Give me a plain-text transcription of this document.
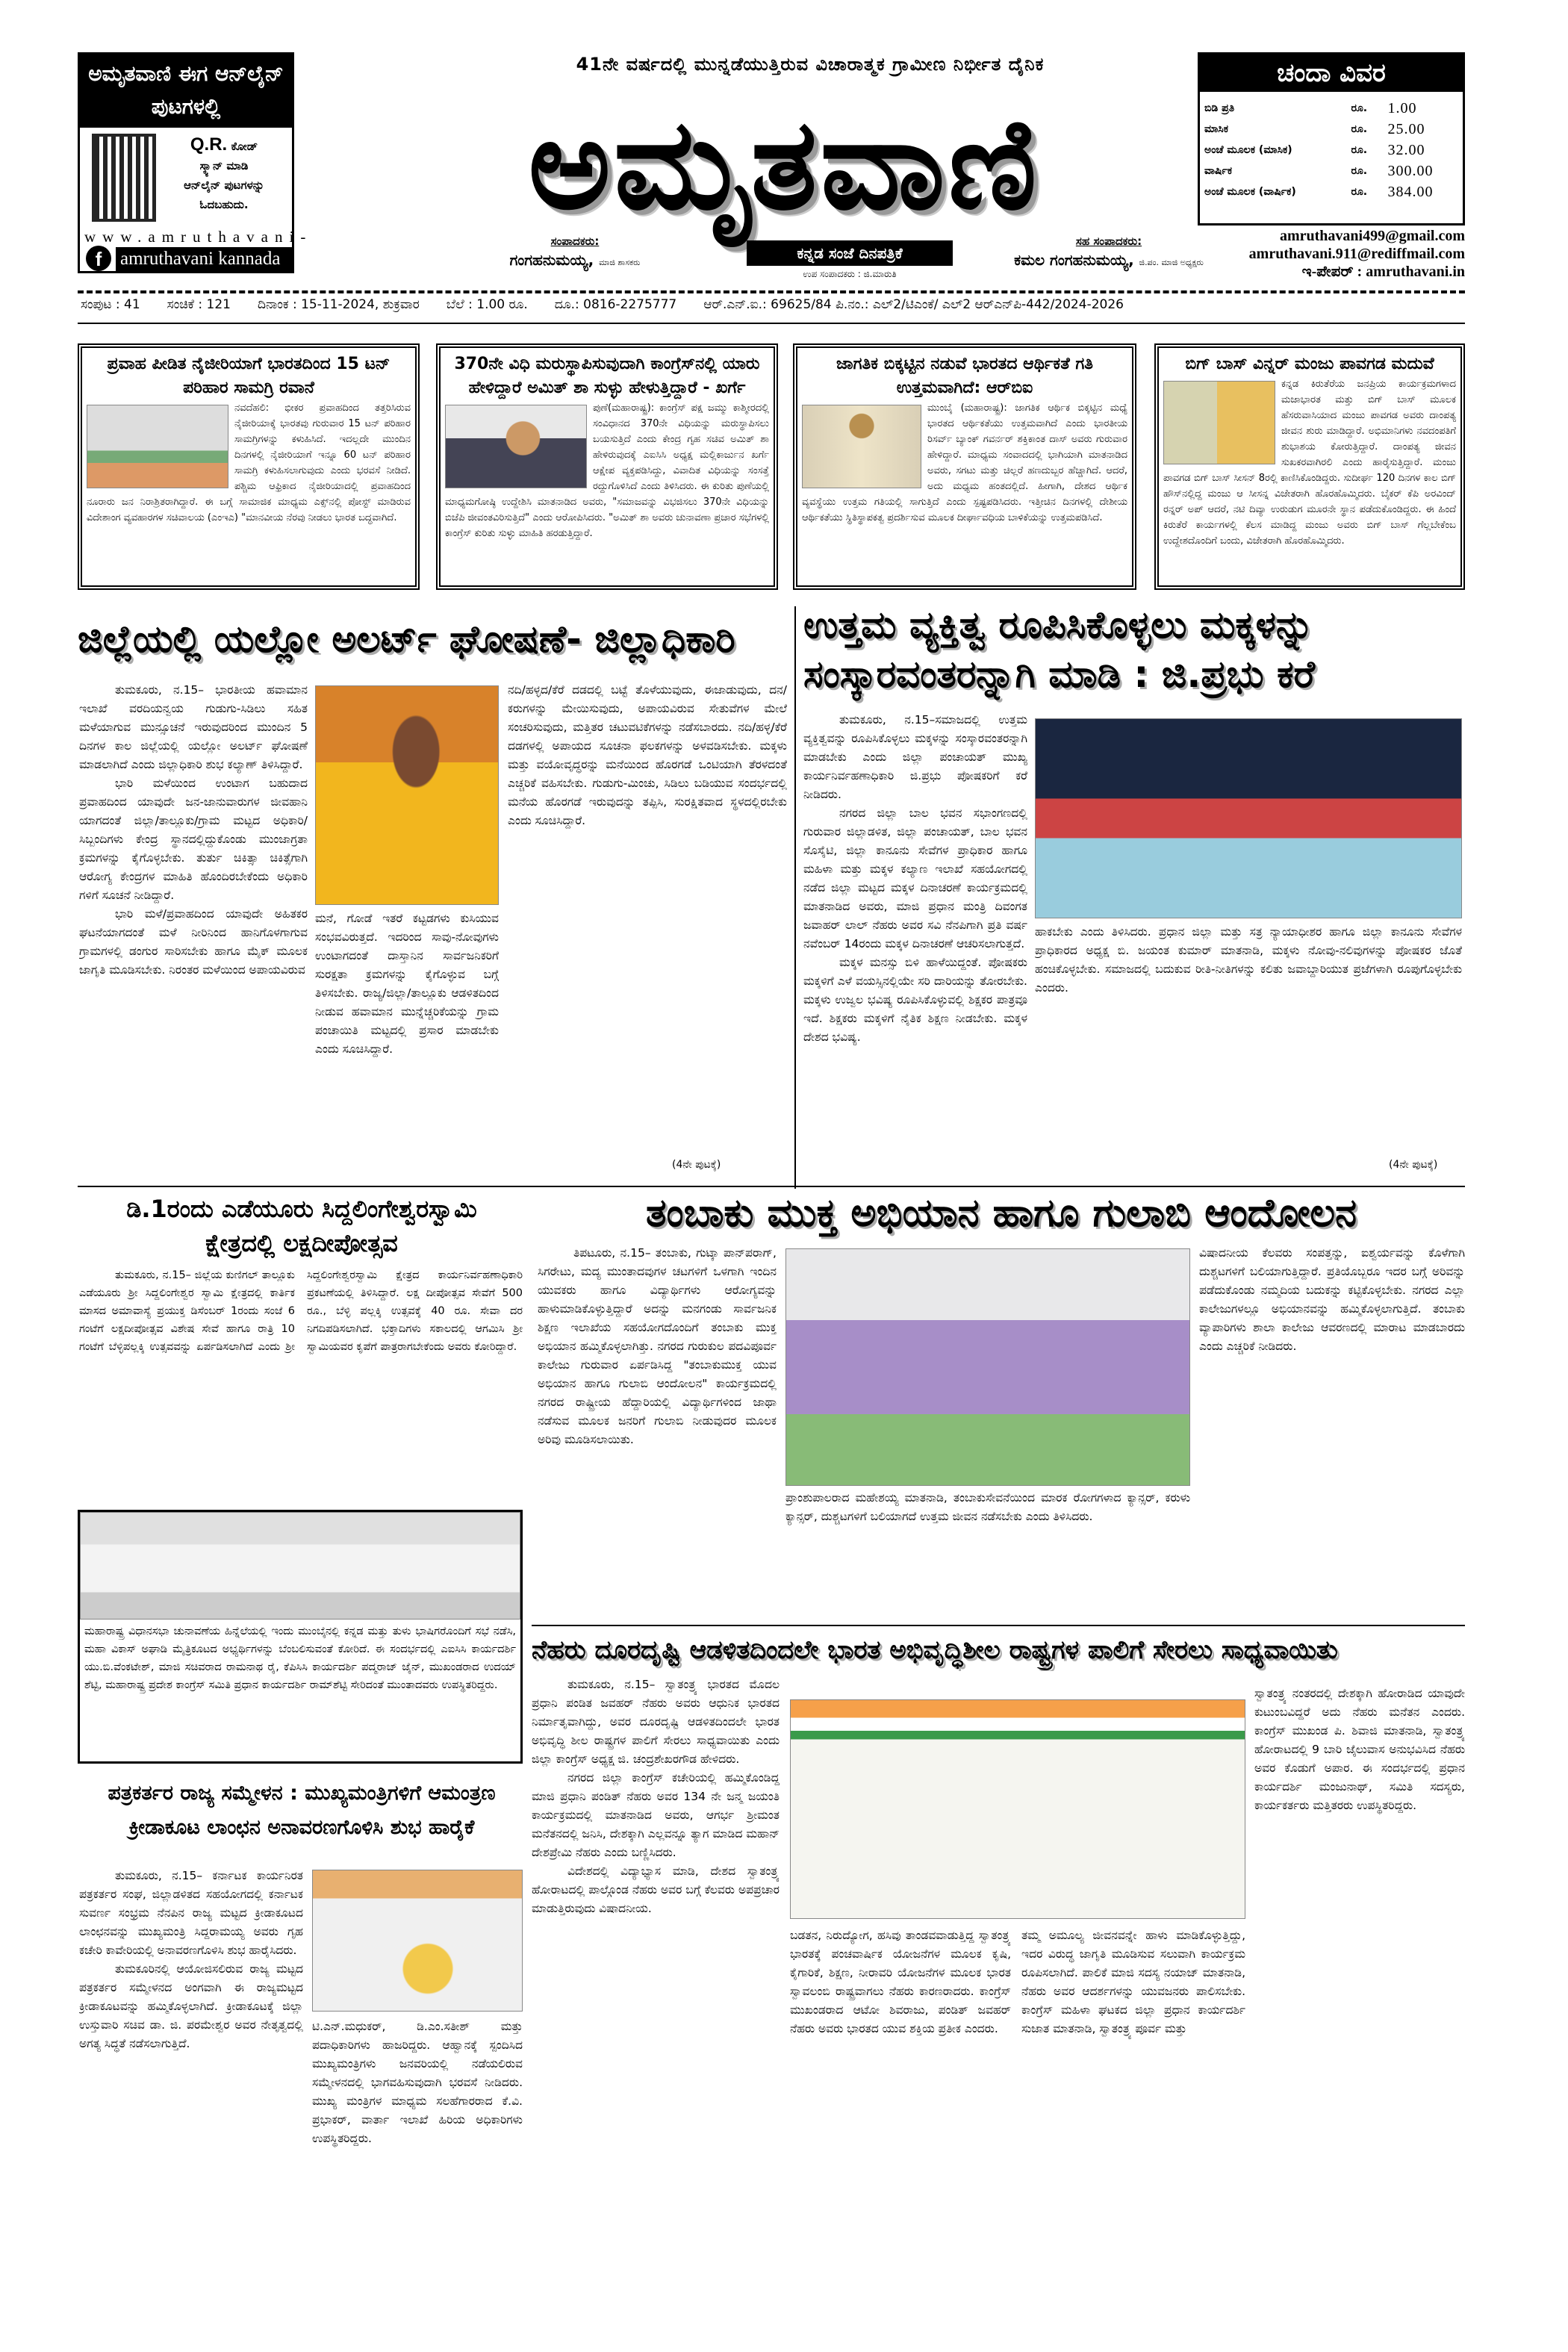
ಅಮೃತವಾಣಿ ಈಗ ಆನ್‌ಲೈನ್ ಪುಟಗಳಲ್ಲಿ
Q.R. ಕೋಡ್
ಸ್ಕ್ಯಾನ್ ಮಾಡಿ
ಆನ್‌ಲೈನ್ ಪುಟಗಳನ್ನು
ಓದಬಹುದು.
www.amruthavani-
f amruthavani kannada
41ನೇ ವರ್ಷದಲ್ಲಿ ಮುನ್ನಡೆಯುತ್ತಿರುವ ವಿಚಾರಾತ್ಮಕ ಗ್ರಾಮೀಣ ನಿರ್ಭೀತ ದೈನಿಕ
ಅಮೃತವಾಣಿ
ಸಂಪಾದಕರು:
ಗಂಗಹನುಮಯ್ಯ, ಮಾಜಿ ಶಾಸಕರು
ಕನ್ನಡ ಸಂಜೆ ದಿನಪತ್ರಿಕೆ
ಉಪ ಸಂಪಾದಕರು : ಜಿ.ಮಾರುತಿ
ಸಹ ಸಂಪಾದಕರು:
ಕಮಲ ಗಂಗಹನುಮಯ್ಯ, ಜಿ.ಪಂ. ಮಾಜಿ ಅಧ್ಯಕ್ಷರು
ಚಂದಾ ವಿವರ
ಬಿಡಿ ಪ್ರತಿ	ರೂ.	1.00
ಮಾಸಿಕ	ರೂ.	25.00
ಅಂಚೆ ಮೂಲಕ (ಮಾಸಿಕ)	ರೂ.	32.00
ವಾರ್ಷಿಕ	ರೂ.	300.00
ಅಂಚೆ ಮೂಲಕ (ವಾರ್ಷಿಕ)	ರೂ.	384.00
amruthavani499@gmail.com
amruthavani.911@rediffmail.com
ಇ-ಪೇಪರ್ : amruthavani.in
ಸಂಪುಟ : 41 ಸಂಚಿಕೆ : 121 ದಿನಾಂಕ : 15-11-2024, ಶುಕ್ರವಾರ ಬೆಲೆ : 1.00 ರೂ. ದೂ.: 0816-2275777 ಆರ್.ಎನ್.ಐ.: 69625/84 ಪಿ.ನಂ.: ಎಲ್2/ಟಿಎಂಕೆ/ ಎಲ್2 ಆರ್‌ಎನ್‌ಪಿ-442/2024-2026
ಪ್ರವಾಹ ಪೀಡಿತ ನೈಜೀರಿಯಾಗೆ ಭಾರತದಿಂದ 15 ಟನ್ ಪರಿಹಾರ ಸಾಮಗ್ರಿ ರವಾನೆ

ನವದೆಹಲಿ: ಭೀಕರ ಪ್ರವಾಹದಿಂದ ತತ್ತರಿಸಿರುವ ನೈಜೀರಿಯಾಕ್ಕೆ ಭಾರತವು ಗುರುವಾರ 15 ಟನ್ ಪರಿಹಾರ ಸಾಮಗ್ರಿಗಳನ್ನು ಕಳುಹಿಸಿದೆ. ಇದಲ್ಲದೇ ಮುಂದಿನ ದಿನಗಳಲ್ಲಿ ನೈಜೀರಿಯಾಗೆ ಇನ್ನೂ 60 ಟನ್ ಪರಿಹಾರ ಸಾಮಗ್ರಿ ಕಳುಹಿಸಲಾಗುವುದು ಎಂದು ಭರವಸೆ ನೀಡಿದೆ. ಪಶ್ಚಿಮ ಆಫ್ರಿಕಾದ ನೈಜೀರಿಯಾದಲ್ಲಿ ಪ್ರವಾಹದಿಂದ ನೂರಾರು ಜನ ನಿರಾಶ್ರಿತರಾಗಿದ್ದಾರೆ. ಈ ಬಗ್ಗೆ ಸಾಮಾಜಿಕ ಮಾಧ್ಯಮ ಎಕ್ಸ್‌ನಲ್ಲಿ ಪೋಸ್ಟ್ ಮಾಡಿರುವ ವಿದೇಶಾಂಗ ವ್ಯವಹಾರಗಳ ಸಚಿವಾಲಯ (ಎಂಇಎ) "ಮಾನವೀಯ ನೆರವು ನೀಡಲು ಭಾರತ ಬದ್ಧವಾಗಿದೆ.

370ನೇ ವಿಧಿ ಮರುಸ್ಥಾಪಿಸುವುದಾಗಿ ಕಾಂಗ್ರೆಸ್‌ನಲ್ಲಿ ಯಾರು ಹೇಳಿದ್ದಾರೆ ಅಮಿತ್ ಶಾ ಸುಳ್ಳು ಹೇಳುತ್ತಿದ್ದಾರೆ - ಖರ್ಗೆ

ಪುಣೆ(ಮಹಾರಾಷ್ಟ್ರ): ಕಾಂಗ್ರೆಸ್ ಪಕ್ಷ ಜಮ್ಮು ಕಾಶ್ಮೀರದಲ್ಲಿ ಸಂವಿಧಾನದ 370ನೇ ವಿಧಿಯನ್ನು ಮರುಸ್ಥಾಪಿಸಲು ಬಯಸುತ್ತಿದೆ ಎಂದು ಕೇಂದ್ರ ಗೃಹ ಸಚಿವ ಅಮಿತ್ ಶಾ ಹೇಳಿರುವುದಕ್ಕೆ ಎಐಸಿಸಿ ಅಧ್ಯಕ್ಷ ಮಲ್ಲಿಕಾರ್ಜುನ ಖರ್ಗೆ ಆಕ್ಷೇಪ ವ್ಯಕ್ತಪಡಿಸಿದ್ದು, ವಿವಾದಿತ ವಿಧಿಯನ್ನು ಸಂಸತ್ತೆ ರದ್ದುಗೊಳಿಸಿದೆ ಎಂದು ತಿಳಿಸಿದರು. ಈ ಕುರಿತು ಪುಣೆಯಲ್ಲಿ ಮಾಧ್ಯಮಗೋಷ್ಠಿ ಉದ್ದೇಶಿಸಿ ಮಾತನಾಡಿದ ಅವರು, "ಸಮಾಜವನ್ನು ವಿಭಜಿಸಲು 370ನೇ ವಿಧಿಯನ್ನು ಬಿಜೆಪಿ ಜೀವಂತವಿರಿಸುತ್ತಿದೆ" ಎಂದು ಆರೋಪಿಸಿದರು. "ಅಮಿತ್ ಶಾ ಅವರು ಚುನಾವಣಾ ಪ್ರಚಾರ ಸಭೆಗಳಲ್ಲಿ ಕಾಂಗ್ರೆಸ್ ಕುರಿತು ಸುಳ್ಳು ಮಾಹಿತಿ ಹರಡುತ್ತಿದ್ದಾರೆ.

ಜಾಗತಿಕ ಬಿಕ್ಕಟ್ಟಿನ ನಡುವೆ ಭಾರತದ ಆರ್ಥಿಕತೆ ಗತಿ ಉತ್ತಮವಾಗಿದೆ: ಆರ್‌ಬಿಐ

ಮುಂಬೈ (ಮಹಾರಾಷ್ಟ್ರ): ಜಾಗತಿಕ ಆರ್ಥಿಕ ಬಿಕ್ಕಟ್ಟಿನ ಮಧ್ಯೆ ಭಾರತದ ಆರ್ಥಿಕತೆಯು ಉತ್ತಮವಾಗಿದೆ ಎಂದು ಭಾರತೀಯ ರಿಸರ್ವ್ ಬ್ಯಾಂಕ್ ಗವರ್ನರ್ ಶಕ್ತಿಕಾಂತ ದಾಸ್ ಅವರು ಗುರುವಾರ ಹೇಳಿದ್ದಾರೆ. ಮಾಧ್ಯಮ ಸಂವಾದದಲ್ಲಿ ಭಾಗಿಯಾಗಿ ಮಾತನಾಡಿದ ಅವರು, ಸಗಟು ಮತ್ತು ಚಿಲ್ಲರೆ ಹಣದುಬ್ಬರ ಹೆಚ್ಚಾಗಿದೆ. ಆದರೆ, ಅದು ಮಧ್ಯಮ ಹಂತದಲ್ಲಿದೆ. ಹೀಗಾಗಿ, ದೇಶದ ಆರ್ಥಿಕ ವ್ಯವಸ್ಥೆಯು ಉತ್ತಮ ಗತಿಯಲ್ಲಿ ಸಾಗುತ್ತಿದೆ ಎಂದು ಸ್ಪಷ್ಟಪಡಿಸಿದರು. ಇತ್ತೀಚಿನ ದಿನಗಳಲ್ಲಿ ದೇಶೀಯ ಆರ್ಥಿಕತೆಯು ಸ್ಥಿತಿಸ್ಥಾಪಕತ್ವ ಪ್ರದರ್ಶಿಸುವ ಮೂಲಕ ದೀರ್ಘಾವಧಿಯ ಬಾಳಿಕೆಯನ್ನು ಉತ್ತಮಪಡಿಸಿದೆ.

ಬಿಗ್ ಬಾಸ್ ವಿನ್ನರ್ ಮಂಜು ಪಾವಗಡ ಮದುವೆ

ಕನ್ನಡ ಕಿರುತೆರೆಯ ಜನಪ್ರಿಯ ಕಾರ್ಯಕ್ರಮಗಳಾದ ಮಜಾಭಾರತ ಮತ್ತು ಬಿಗ್ ಬಾಸ್ ಮೂಲಕ ಹೆಸರುವಾಸಿಯಾದ ಮಂಜು ಪಾವಗಡ ಅವರು ದಾಂಪತ್ಯ ಜೀವನ ಶುರು ಮಾಡಿದ್ದಾರೆ. ಅಭಿಮಾನಿಗಳು ನವದಂಪತಿಗೆ ಶುಭಾಶಯ ಕೋರುತ್ತಿದ್ದಾರೆ. ದಾಂಪತ್ಯ ಜೀವನ ಸುಖಕರವಾಗಿರಲಿ ಎಂದು ಹಾರೈಸುತ್ತಿದ್ದಾರೆ. ಮಂಜು ಪಾವಗಡ ಬಿಗ್ ಬಾಸ್ ಸೀಸನ್ 8ರಲ್ಲಿ ಕಾಣಿಸಿಕೊಂಡಿದ್ದರು. ಸುದೀರ್ಘ 120 ದಿನಗಳ ಕಾಲ ಬಿಗ್ ಹೌಸ್‌ನಲ್ಲಿದ್ದ ಮಂಜು ಆ ಸೀಸನ್ನ ವಿಜೇತರಾಗಿ ಹೊರಹೊಮ್ಮಿದರು. ಬೈಕರ್ ಕೆಪಿ ಅರವಿಂದ್ ರನ್ನರ್ ಅಪ್ ಆದರೆ, ನಟಿ ದಿವ್ಯಾ ಉರುಡುಗ ಮೂರನೇ ಸ್ಥಾನ ಪಡೆದುಕೊಂಡಿದ್ದರು. ಈ ಹಿಂದೆ ಕಿರುತೆರೆ ಕಾರ್ಯಗಳಲ್ಲಿ ಕೆಲಸ ಮಾಡಿದ್ದ ಮಂಜು ಅವರು ಬಿಗ್ ಬಾಸ್ ಗೆಲ್ಲಬೇಕೆಂಬ ಉದ್ದೇಶದೊಂದಿಗೆ ಬಂದು, ವಿಜೇತರಾಗಿ ಹೊರಹೊಮ್ಮಿದರು.

ಜಿಲ್ಲೆಯಲ್ಲಿ ಯಲ್ಲೋ ಅಲರ್ಟ್ ಘೋಷಣೆ- ಜಿಲ್ಲಾಧಿಕಾರಿ

ತುಮಕೂರು, ನ.15– ಭಾರತೀಯ ಹವಾಮಾನ ಇಲಾಖೆ ವರದಿಯನ್ವಯ ಗುಡುಗು-ಸಿಡಿಲು ಸಹಿತ ಮಳೆಯಾಗುವ ಮುನ್ಸೂಚನೆ ಇರುವುದರಿಂದ ಮುಂದಿನ 5 ದಿನಗಳ ಕಾಲ ಜಿಲ್ಲೆಯಲ್ಲಿ ಯಲ್ಲೋ ಅಲರ್ಟ್ ಘೋಷಣೆ ಮಾಡಲಾಗಿದೆ ಎಂದು ಜಿಲ್ಲಾಧಿಕಾರಿ ಶುಭ ಕಲ್ಯಾಣ್ ತಿಳಿಸಿದ್ದಾರೆ.

ಭಾರಿ ಮಳೆಯಿಂದ ಉಂಟಾಗ ಬಹುದಾದ ಪ್ರವಾಹದಿಂದ ಯಾವುದೇ ಜನ-ಜಾನುವಾರುಗಳ ಜೀವಹಾನಿ ಯಾಗದಂತೆ ಜಿಲ್ಲಾ/ತಾಲ್ಲೂಕು/ಗ್ರಾಮ ಮಟ್ಟದ ಅಧಿಕಾರಿ/ಸಿಬ್ಬಂದಿಗಳು ಕೇಂದ್ರ ಸ್ಥಾನದಲ್ಲಿದ್ದುಕೊಂಡು ಮುಂಜಾಗ್ರತಾ ಕ್ರಮಗಳನ್ನು ಕೈಗೊಳ್ಳಬೇಕು. ತುರ್ತು ಚಿಕಿತ್ಸಾ ಚಿಕಿತ್ಸೆಗಾಗಿ ಆರೋಗ್ಯ ಕೇಂದ್ರಗಳ ಮಾಹಿತಿ ಹೊಂದಿರಬೇಕೆಂದು ಅಧಿಕಾರಿ ಗಳಿಗೆ ಸೂಚನೆ ನೀಡಿದ್ದಾರೆ.

ಭಾರಿ ಮಳೆ/ಪ್ರವಾಹದಿಂದ ಯಾವುದೇ ಅಹಿತಕರ ಘಟನೆಯಾಗದಂತೆ ಮಳೆ ನೀರಿನಿಂದ ಹಾನಿಗೊಳಗಾಗುವ ಗ್ರಾಮಗಳಲ್ಲಿ ಡಂಗುರ ಸಾರಿಸಬೇಕು ಹಾಗೂ ಮೈಕ್ ಮೂಲಕ ಜಾಗೃತಿ ಮೂಡಿಸಬೇಕು. ನಿರಂತರ ಮಳೆಯಿಂದ ಅಪಾಯವಿರುವ

ಮನೆ, ಗೋಡೆ ಇತರೆ ಕಟ್ಟಡಗಳು ಕುಸಿಯುವ ಸಂಭವವಿರುತ್ತದೆ. ಇದರಿಂದ ಸಾವು-ನೋವುಗಳು ಉಂಟಾಗದಂತೆ ದಾಸ್ತಾನಿನ ಸಾರ್ವಜನಿಕರಿಗೆ ಸುರಕ್ಷತಾ ಕ್ರಮಗಳನ್ನು ಕೈಗೊಳ್ಳುವ ಬಗ್ಗೆ ತಿಳಿಸಬೇಕು. ರಾಜ್ಯ/ಜಿಲ್ಲಾ/ತಾಲ್ಲೂಕು ಆಡಳಿತದಿಂದ ನೀಡುವ ಹವಾಮಾನ ಮುನ್ನೆಚ್ಚರಿಕೆಯನ್ನು ಗ್ರಾಮ ಪಂಚಾಯಿತಿ ಮಟ್ಟದಲ್ಲಿ ಪ್ರಸಾರ ಮಾಡಬೇಕು ಎಂದು ಸೂಚಿಸಿದ್ದಾರೆ.

ನದಿ/ಹಳ್ಳದ/ಕೆರೆ ದಡದಲ್ಲಿ ಬಟ್ಟೆ ತೊಳೆಯುವುದು, ಈಜಾಡುವುದು, ದನ/ಕರುಗಳನ್ನು ಮೇಯಿಸುವುದು, ಅಪಾಯವಿರುವ ಸೇತುವೆಗಳ ಮೇಲೆ ಸಂಚರಿಸುವುದು, ಮತ್ತಿತರ ಚಟುವಟಿಕೆಗಳನ್ನು ನಡೆಸಬಾರದು. ನದಿ/ಹಳ್ಳ/ಕೆರೆ ದಡಗಳಲ್ಲಿ ಅಪಾಯದ ಸೂಚನಾ ಫಲಕಗಳನ್ನು ಅಳವಡಿಸಬೇಕು. ಮಕ್ಕಳು ಮತ್ತು ವಯೋವೃದ್ಧರನ್ನು ಮನೆಯಿಂದ ಹೊರಗಡೆ ಒಂಟಿಯಾಗಿ ತೆರಳದಂತೆ ಎಚ್ಚರಿಕೆ ವಹಿಸಬೇಕು. ಗುಡುಗು-ಮಿಂಚು, ಸಿಡಿಲು ಬಡಿಯುವ ಸಂದರ್ಭದಲ್ಲಿ ಮನೆಯ ಹೊರಗಡೆ ಇರುವುದನ್ನು ತಪ್ಪಿಸಿ, ಸುರಕ್ಷಿತವಾದ ಸ್ಥಳದಲ್ಲಿರಬೇಕು ಎಂದು ಸೂಚಿಸಿದ್ದಾರೆ.

(4ನೇ ಪುಟಕ್ಕೆ)
ಉತ್ತಮ ವ್ಯಕ್ತಿತ್ವ ರೂಪಿಸಿಕೊಳ್ಳಲು ಮಕ್ಕಳನ್ನು
ಸಂಸ್ಕಾರವಂತರನ್ನಾಗಿ ಮಾಡಿ : ಜಿ.ಪ್ರಭು ಕರೆ

ತುಮಕೂರು, ನ.15–ಸಮಾಜದಲ್ಲಿ ಉತ್ತಮ ವ್ಯಕ್ತಿತ್ವವನ್ನು ರೂಪಿಸಿಕೊಳ್ಳಲು ಮಕ್ಕಳನ್ನು ಸಂಸ್ಕಾರವಂತರನ್ನಾಗಿ ಮಾಡಬೇಕು ಎಂದು ಜಿಲ್ಲಾ ಪಂಚಾಯತ್ ಮುಖ್ಯ ಕಾರ್ಯನಿರ್ವಹಣಾಧಿಕಾರಿ ಜಿ.ಪ್ರಭು ಪೋಷಕರಿಗೆ ಕರೆ ನೀಡಿದರು.

ನಗರದ ಜಿಲ್ಲಾ ಬಾಲ ಭವನ ಸಭಾಂಗಣದಲ್ಲಿ ಗುರುವಾರ ಜಿಲ್ಲಾಡಳಿತ, ಜಿಲ್ಲಾ ಪಂಚಾಯತ್, ಬಾಲ ಭವನ ಸೊಸೈಟಿ, ಜಿಲ್ಲಾ ಕಾನೂನು ಸೇವೆಗಳ ಪ್ರಾಧಿಕಾರ ಹಾಗೂ ಮಹಿಳಾ ಮತ್ತು ಮಕ್ಕಳ ಕಲ್ಯಾಣ ಇಲಾಖೆ ಸಹಯೋಗದಲ್ಲಿ ನಡೆದ ಜಿಲ್ಲಾ ಮಟ್ಟದ ಮಕ್ಕಳ ದಿನಾಚರಣೆ ಕಾರ್ಯಕ್ರಮದಲ್ಲಿ ಮಾತನಾಡಿದ ಅವರು, ಮಾಜಿ ಪ್ರಧಾನ ಮಂತ್ರಿ ದಿವಂಗತ ಜವಾಹರ್ ಲಾಲ್ ನೆಹರು ಅವರ ಸವಿ ನೆನಪಿಗಾಗಿ ಪ್ರತಿ ವರ್ಷ ನವೆಂಬರ್ 14ರಂದು ಮಕ್ಕಳ ದಿನಾಚರಣೆ ಆಚರಿಸಲಾಗುತ್ತದೆ.

ಮಕ್ಕಳ ಮನಸ್ಸು ಬಿಳಿ ಹಾಳೆಯಿದ್ದಂತೆ. ಪೋಷಕರು ಮಕ್ಕಳಿಗೆ ಎಳೆ ವಯಸ್ಸಿನಲ್ಲಿಯೇ ಸರಿ ದಾರಿಯನ್ನು ತೋರಬೇಕು. ಮಕ್ಕಳು ಉಜ್ವಲ ಭವಿಷ್ಯ ರೂಪಿಸಿಕೊಳ್ಳುವಲ್ಲಿ ಶಿಕ್ಷಕರ ಪಾತ್ರವೂ ಇದೆ. ಶಿಕ್ಷಕರು ಮಕ್ಕಳಿಗೆ ನೈತಿಕ ಶಿಕ್ಷಣ ನೀಡಬೇಕು. ಮಕ್ಕಳ ದೇಶದ ಭವಿಷ್ಯ.

ಹಾಕಬೇಕು ಎಂದು ತಿಳಿಸಿದರು. ಪ್ರಧಾನ ಜಿಲ್ಲಾ ಮತ್ತು ಸತ್ರ ನ್ಯಾಯಾಧೀಶರ ಹಾಗೂ ಜಿಲ್ಲಾ ಕಾನೂನು ಸೇವೆಗಳ ಪ್ರಾಧಿಕಾರದ ಅಧ್ಯಕ್ಷ ಬಿ. ಜಯಂತ ಕುಮಾರ್ ಮಾತನಾಡಿ, ಮಕ್ಕಳು ನೋವು-ನಲಿವುಗಳನ್ನು ಪೋಷಕರ ಜೊತೆ ಹಂಚಿಕೊಳ್ಳಬೇಕು. ಸಮಾಜದಲ್ಲಿ ಬದುಕುವ ರೀತಿ-ನೀತಿಗಳನ್ನು ಕಲಿತು ಜವಾಬ್ದಾರಿಯುತ ಪ್ರಜೆಗಳಾಗಿ ರೂಪುಗೊಳ್ಳಬೇಕು ಎಂದರು.

(4ನೇ ಪುಟಕ್ಕೆ)
ಡಿ.1ರಂದು ಎಡೆಯೂರು ಸಿದ್ದಲಿಂಗೇಶ್ವರಸ್ವಾಮಿ
ಕ್ಷೇತ್ರದಲ್ಲಿ ಲಕ್ಷದೀಪೋತ್ಸವ

ತುಮಕೂರು, ನ.15– ಜಿಲ್ಲೆಯ ಕುಣಿಗಲ್ ತಾಲ್ಲೂಕು ಎಡೆಯೂರು ಶ್ರೀ ಸಿದ್ದಲಿಂಗೇಶ್ವರ ಸ್ವಾಮಿ ಕ್ಷೇತ್ರದಲ್ಲಿ ಕಾರ್ತಿಕ ಮಾಸದ ಅಮಾವಾಸ್ಯೆ ಪ್ರಯುಕ್ತ ಡಿಸೆಂಬರ್ 1ರಂದು ಸಂಜೆ 6 ಗಂಟೆಗೆ ಲಕ್ಷದೀಪೋತ್ಸವ ವಿಶೇಷ ಸೇವೆ ಹಾಗೂ ರಾತ್ರಿ 10 ಗಂಟೆಗೆ ಬೆಳ್ಳಿಪಲ್ಲಕ್ಕಿ ಉತ್ಸವವನ್ನು ಏರ್ಪಡಿಸಲಾಗಿದೆ ಎಂದು ಶ್ರೀ ಸಿದ್ದಲಿಂಗೇಶ್ವರಸ್ವಾಮಿ ಕ್ಷೇತ್ರದ ಕಾರ್ಯನಿರ್ವಹಣಾಧಿಕಾರಿ ಪ್ರಕಟಣೆಯಲ್ಲಿ ತಿಳಿಸಿದ್ದಾರೆ. ಲಕ್ಷ ದೀಪೋತ್ಸವ ಸೇವೆಗೆ 500 ರೂ., ಬೆಳ್ಳಿ ಪಲ್ಲಕ್ಕಿ ಉತ್ಸವಕ್ಕೆ 40 ರೂ. ಸೇವಾ ದರ ನಿಗದಿಪಡಿಸಲಾಗಿದೆ. ಭಕ್ತಾದಿಗಳು ಸಕಾಲದಲ್ಲಿ ಆಗಮಿಸಿ ಶ್ರೀ ಸ್ವಾಮಿಯವರ ಕೃಪೆಗೆ ಪಾತ್ರರಾಗಬೇಕೆಂದು ಅವರು ಕೋರಿದ್ದಾರೆ.

ಮಹಾರಾಷ್ಟ್ರ ವಿಧಾನಸಭಾ ಚುನಾವಣೆಯ ಹಿನ್ನೆಲೆಯಲ್ಲಿ ಇಂದು ಮುಂಬೈನಲ್ಲಿ ಕನ್ನಡ ಮತ್ತು ತುಳು ಭಾಷಿಗರೊಂದಿಗೆ ಸಭೆ ನಡೆಸಿ, ಮಹಾ ವಿಕಾಸ್ ಅಘಾಡಿ ಮೈತ್ರಿಕೂಟದ ಅಭ್ಯರ್ಥಿಗಳನ್ನು ಬೆಂಬಲಿಸುವಂತೆ ಕೋರಿದೆ. ಈ ಸಂದರ್ಭದಲ್ಲಿ ಎಐಸಿಸಿ ಕಾರ್ಯದರ್ಶಿ ಯು.ಬಿ.ವೆಂಕಟೇಶ್, ಮಾಜಿ ಸಚಿವರಾದ ರಾಮನಾಥ ರೈ, ಕೆಪಿಸಿಸಿ ಕಾರ್ಯದರ್ಶಿ ಪದ್ಮರಾಜ್ ಜೈನ್, ಮುಖಂಡರಾದ ಉದಯ್ ಶೆಟ್ಟಿ, ಮಹಾರಾಷ್ಟ್ರ ಪ್ರದೇಶ ಕಾಂಗ್ರೆಸ್ ಸಮಿತಿ ಪ್ರಧಾನ ಕಾರ್ಯದರ್ಶಿ ರಾಮ್‌ಶೆಟ್ಟಿ ಸೇರಿದಂತೆ ಮುಂತಾದವರು ಉಪಸ್ಥಿತರಿದ್ದರು.
ತಂಬಾಕು ಮುಕ್ತ ಅಭಿಯಾನ ಹಾಗೂ ಗುಲಾಬಿ ಆಂದೋಲನ

ತಿಪಟೂರು, ನ.15– ತಂಬಾಕು, ಗುಟ್ಕಾ ಪಾನ್‌ಪರಾಗ್, ಸಿಗರೇಟು, ಮದ್ಯ ಮುಂತಾದವುಗಳ ಚಟಗಳಿಗೆ ಒಳಗಾಗಿ ಇಂದಿನ ಯುವಕರು ಹಾಗೂ ವಿದ್ಯಾರ್ಥಿಗಳು ಆರೋಗ್ಯವನ್ನು ಹಾಳುಮಾಡಿಕೊಳ್ಳುತ್ತಿದ್ದಾರೆ ಅದನ್ನು ಮನಗಂಡು ಸಾರ್ವಜನಿಕ ಶಿಕ್ಷಣ ಇಲಾಖೆಯ ಸಹಯೋಗದೊಂದಿಗೆ ತಂಬಾಕು ಮುಕ್ತ ಅಭಿಯಾನ ಹಮ್ಮಿಕೊಳ್ಳಲಾಗಿತ್ತು. ನಗರದ ಗುರುಕುಲ ಪದವಿಪೂರ್ವ ಕಾಲೇಜು ಗುರುವಾರ ಏರ್ಪಡಿಸಿದ್ದ "ತಂಬಾಕುಮುಕ್ತ ಯುವ ಅಭಿಯಾನ ಹಾಗೂ ಗುಲಾಬಿ ಆಂದೋಲನ" ಕಾರ್ಯಕ್ರಮದಲ್ಲಿ ನಗರದ ರಾಷ್ಟ್ರೀಯ ಹೆದ್ದಾರಿಯಲ್ಲಿ ವಿದ್ಯಾರ್ಥಿಗಳಿಂದ ಜಾಥಾ ನಡೆಸುವ ಮೂಲಕ ಜನರಿಗೆ ಗುಲಾಬಿ ನೀಡುವುದರ ಮೂಲಕ ಅರಿವು ಮೂಡಿಸಲಾಯಿತು.

ಪ್ರಾಂಶುಪಾಲರಾದ ಮಹೇಶಯ್ಯ ಮಾತನಾಡಿ, ತಂಬಾಕುಸೇವನೆಯಿಂದ ಮಾರಕ ರೋಗಗಳಾದ ಕ್ಯಾನ್ಸರ್, ಕರುಳು ಕ್ಯಾನ್ಸರ್, ದುಶ್ಚಟಗಳಿಗೆ ಬಲಿಯಾಗದೆ ಉತ್ತಮ ಜೀವನ ನಡೆಸಬೇಕು ಎಂದು ತಿಳಿಸಿದರು.

ವಿಷಾದನೀಯ ಕೆಲವರು ಸಂಪತ್ತನ್ನು, ಐಶ್ವರ್ಯವನ್ನು ಕೊಳೆಗಾಗಿ ದುಶ್ಚಟಗಳಿಗೆ ಬಲಿಯಾಗುತ್ತಿದ್ದಾರೆ. ಪ್ರತಿಯೊಬ್ಬರೂ ಇದರ ಬಗ್ಗೆ ಅರಿವನ್ನು ಪಡೆದುಕೊಂಡು ನಮ್ಮದಿಯ ಬದುಕನ್ನು ಕಟ್ಟಿಕೊಳ್ಳಬೇಕು. ನಗರದ ಎಲ್ಲಾ ಕಾಲೇಜುಗಳಲ್ಲೂ ಅಭಿಯಾನವನ್ನು ಹಮ್ಮಿಕೊಳ್ಳಲಾಗುತ್ತಿದೆ. ತಂಬಾಕು ವ್ಯಾಪಾರಿಗಳು ಶಾಲಾ ಕಾಲೇಜು ಆವರಣದಲ್ಲಿ ಮಾರಾಟ ಮಾಡಬಾರದು ಎಂದು ಎಚ್ಚರಿಕೆ ನೀಡಿದರು.

ನೆಹರು ದೂರದೃಷ್ಟಿ ಆಡಳಿತದಿಂದಲೇ ಭಾರತ ಅಭಿವೃದ್ಧಿಶೀಲ ರಾಷ್ಟ್ರಗಳ ಪಾಲಿಗೆ ಸೇರಲು ಸಾಧ್ಯವಾಯಿತು

ತುಮಕೂರು, ನ.15– ಸ್ವಾತಂತ್ರ್ಯ ಭಾರತದ ಮೊದಲ ಪ್ರಧಾನಿ ಪಂಡಿತ ಜವಹರ್ ನೆಹರು ಅವರು ಆಧುನಿಕ ಭಾರತದ ನಿರ್ಮಾತೃವಾಗಿದ್ದು, ಅವರ ದೂರದೃಷ್ಟಿ ಆಡಳಿತದಿಂದಲೇ ಭಾರತ ಅಭಿವೃದ್ಧಿ ಶೀಲ ರಾಷ್ಟ್ರಗಳ ಪಾಲಿಗೆ ಸೇರಲು ಸಾಧ್ಯವಾಯಿತು ಎಂದು ಜಿಲ್ಲಾ ಕಾಂಗ್ರೆಸ್ ಅಧ್ಯಕ್ಷ ಜಿ. ಚಂದ್ರಶೇಖರಗೌಡ ಹೇಳಿದರು.

ನಗರದ ಜಿಲ್ಲಾ ಕಾಂಗ್ರೆಸ್ ಕಚೇರಿಯಲ್ಲಿ ಹಮ್ಮಿಕೊಂಡಿದ್ದ ಮಾಜಿ ಪ್ರಧಾನಿ ಪಂಡಿತ್ ನೆಹರು ಅವರ 134 ನೇ ಜನ್ಮ ಜಯಂತಿ ಕಾರ್ಯಕ್ರಮದಲ್ಲಿ ಮಾತನಾಡಿದ ಅವರು, ಆಗರ್ಭ ಶ್ರೀಮಂತ ಮನೆತನದಲ್ಲಿ ಜನಿಸಿ, ದೇಶಕ್ಕಾಗಿ ಎಲ್ಲವನ್ನೂ ತ್ಯಾಗ ಮಾಡಿದ ಮಹಾನ್ ದೇಶಪ್ರೇಮಿ ನೆಹರು ಎಂದು ಬಣ್ಣಿಸಿದರು.

ವಿದೇಶದಲ್ಲಿ ವಿದ್ಯಾಭ್ಯಾಸ ಮಾಡಿ, ದೇಶದ ಸ್ವಾತಂತ್ರ್ಯ ಹೋರಾಟದಲ್ಲಿ ಪಾಲ್ಗೊಂಡ ನೆಹರು ಅವರ ಬಗ್ಗೆ ಕೆಲವರು ಅಪಪ್ರಚಾರ ಮಾಡುತ್ತಿರುವುದು ವಿಷಾದನೀಯ.

ಬಡತನ, ನಿರುದ್ಯೋಗ, ಹಸಿವು ತಾಂಡವವಾಡುತ್ತಿದ್ದ ಸ್ವಾತಂತ್ರ್ಯ ಭಾರತಕ್ಕೆ ಪಂಚವಾರ್ಷಿಕ ಯೋಜನೆಗಳ ಮೂಲಕ ಕೃಷಿ, ಕೈಗಾರಿಕೆ, ಶಿಕ್ಷಣ, ನೀರಾವರಿ ಯೋಜನೆಗಳ ಮೂಲಕ ಭಾರತ ಸ್ವಾವಲಂಬಿ ರಾಷ್ಟ್ರವಾಗಲು ನೆಹರು ಕಾರಣರಾದರು. ಕಾಂಗ್ರೆಸ್ ಮುಖಂಡರಾದ ಆಟೋ ಶಿವರಾಜು, ಪಂಡಿತ್ ಜವಹರ್ ನೆಹರು ಅವರು ಭಾರತದ ಯುವ ಶಕ್ತಿಯ ಪ್ರತೀಕ ಎಂದರು.

ತಮ್ಮ ಅಮೂಲ್ಯ ಜೀವನವನ್ನೇ ಹಾಳು ಮಾಡಿಕೊಳ್ಳುತ್ತಿದ್ದು, ಇದರ ವಿರುದ್ಧ ಜಾಗೃತಿ ಮೂಡಿಸುವ ಸಲುವಾಗಿ ಕಾರ್ಯಕ್ರಮ ರೂಪಿಸಲಾಗಿದೆ. ಪಾಲಿಕೆ ಮಾಜಿ ಸದಸ್ಯ ನಯಾಜ್ ಮಾತನಾಡಿ, ನೆಹರು ಅವರ ಆದರ್ಶಗಳನ್ನು ಯುವಜನರು ಪಾಲಿಸಬೇಕು. ಕಾಂಗ್ರೆಸ್ ಮಹಿಳಾ ಘಟಕದ ಜಿಲ್ಲಾ ಪ್ರಧಾನ ಕಾರ್ಯದರ್ಶಿ ಸುಜಾತ ಮಾತನಾಡಿ, ಸ್ವಾತಂತ್ರ್ಯ ಪೂರ್ವ ಮತ್ತು

ಸ್ವಾತಂತ್ರ್ಯ ನಂತರದಲ್ಲಿ ದೇಶಕ್ಕಾಗಿ ಹೋರಾಡಿದ ಯಾವುದೇ ಕುಟುಂಬವಿದ್ದರೆ ಅದು ನೆಹರು ಮನೆತನ ಎಂದರು. ಕಾಂಗ್ರೆಸ್ ಮುಖಂಡ ಪಿ. ಶಿವಾಜಿ ಮಾತನಾಡಿ, ಸ್ವಾತಂತ್ರ್ಯ ಹೋರಾಟದಲ್ಲಿ 9 ಬಾರಿ ಜೈಲುವಾಸ ಅನುಭವಿಸಿದ ನೆಹರು ಅವರ ಕೊಡುಗೆ ಅಪಾರ. ಈ ಸಂದರ್ಭದಲ್ಲಿ ಪ್ರಧಾನ ಕಾರ್ಯದರ್ಶಿ ಮಂಜುನಾಥ್, ಸಮಿತಿ ಸದಸ್ಯರು, ಕಾರ್ಯಕರ್ತರು ಮತ್ತಿತರರು ಉಪಸ್ಥಿತರಿದ್ದರು.

ಪತ್ರಕರ್ತರ ರಾಜ್ಯ ಸಮ್ಮೇಳನ : ಮುಖ್ಯಮಂತ್ರಿಗಳಿಗೆ ಆಮಂತ್ರಣ
ಕ್ರೀಡಾಕೂಟ ಲಾಂಛನ ಅನಾವರಣಗೊಳಿಸಿ ಶುಭ ಹಾರೈಕೆ

ತುಮಕೂರು, ನ.15– ಕರ್ನಾಟಕ ಕಾರ್ಯನಿರತ ಪತ್ರಕರ್ತರ ಸಂಘ, ಜಿಲ್ಲಾಡಳಿತದ ಸಹಯೋಗದಲ್ಲಿ ಕರ್ನಾಟಕ ಸುವರ್ಣ ಸಂಭ್ರಮ ನೆನಪಿನ ರಾಜ್ಯ ಮಟ್ಟದ ಕ್ರೀಡಾಕೂಟದ ಲಾಂಛನವನ್ನು ಮುಖ್ಯಮಂತ್ರಿ ಸಿದ್ದರಾಮಯ್ಯ ಅವರು ಗೃಹ ಕಚೇರಿ ಕಾವೇರಿಯಲ್ಲಿ ಅನಾವರಣಗೊಳಿಸಿ ಶುಭ ಹಾರೈಸಿದರು.

ತುಮಕೂರಿನಲ್ಲಿ ಆಯೋಜಿಸಲಿರುವ ರಾಜ್ಯ ಮಟ್ಟದ ಪತ್ರಕರ್ತರ ಸಮ್ಮೇಳನದ ಅಂಗವಾಗಿ ಈ ರಾಜ್ಯಮಟ್ಟದ ಕ್ರೀಡಾಕೂಟವನ್ನು ಹಮ್ಮಿಕೊಳ್ಳಲಾಗಿದೆ. ಕ್ರೀಡಾಕೂಟಕ್ಕೆ ಜಿಲ್ಲಾ ಉಸ್ತುವಾರಿ ಸಚಿವ ಡಾ. ಜಿ. ಪರಮೇಶ್ವರ ಅವರ ನೇತೃತ್ವದಲ್ಲಿ ಅಗತ್ಯ ಸಿದ್ಧತೆ ನಡೆಸಲಾಗುತ್ತಿದೆ.

ಟಿ.ಎನ್.ಮಧುಕರ್, ಡಿ.ಎಂ.ಸತೀಶ್ ಮತ್ತು ಪದಾಧಿಕಾರಿಗಳು ಹಾಜರಿದ್ದರು. ಆಹ್ವಾನಕ್ಕೆ ಸ್ಪಂದಿಸಿದ ಮುಖ್ಯಮಂತ್ರಿಗಳು ಜನವರಿಯಲ್ಲಿ ನಡೆಯಲಿರುವ ಸಮ್ಮೇಳನದಲ್ಲಿ ಭಾಗವಹಿಸುವುದಾಗಿ ಭರವಸೆ ನೀಡಿದರು. ಮುಖ್ಯ ಮಂತ್ರಿಗಳ ಮಾಧ್ಯಮ ಸಲಹೆಗಾರರಾದ ಕೆ.ವಿ. ಪ್ರಭಾಕರ್, ವಾರ್ತಾ ಇಲಾಖೆ ಹಿರಿಯ ಅಧಿಕಾರಿಗಳು ಉಪಸ್ಥಿತರಿದ್ದರು.
